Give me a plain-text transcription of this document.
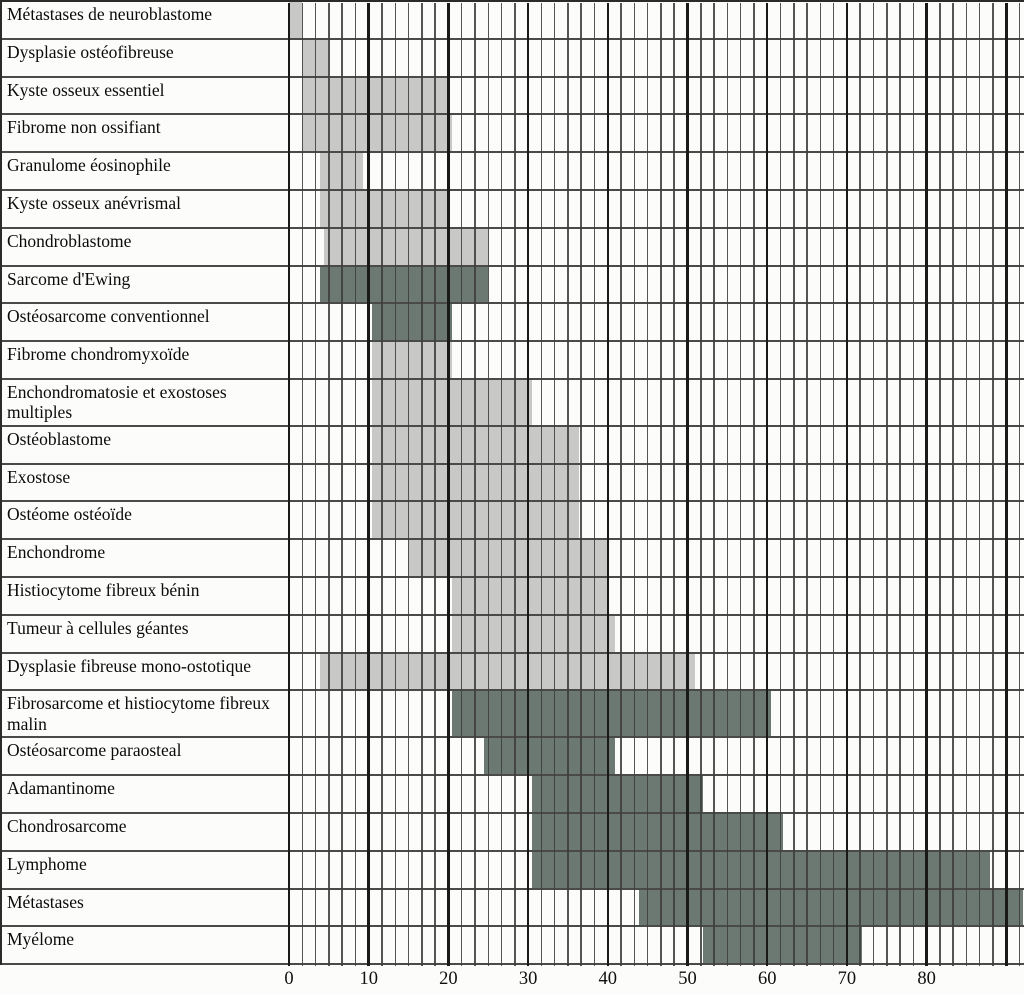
Métastases de neuroblastome
Dysplasie ostéofibreuse
Kyste osseux essentiel
Fibrome non ossifiant
Granulome éosinophile
Kyste osseux anévrismal
Chondroblastome
Sarcome d'Ewing
Ostéosarcome conventionnel
Fibrome chondromyxoïde
Enchondromatosie et exostoses multiples
Ostéoblastome
Exostose
Ostéome ostéoïde
Enchondrome
Histiocytome fibreux bénin
Tumeur à cellules géantes
Dysplasie fibreuse mono-ostotique
Fibrosarcome et histiocytome fibreux malin
Ostéosarcome paraosteal
Adamantinome
Chondrosarcome
Lymphome
Métastases
Myélome
0	10	20	30	40	50	60	70	80
